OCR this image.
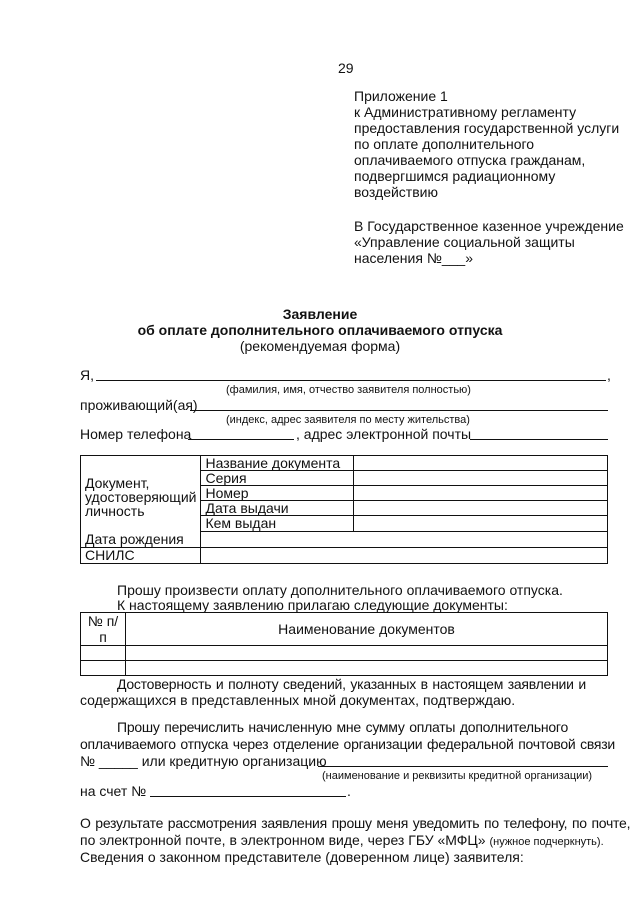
29
Приложение 1
к Административному регламенту
предоставления государственной услуги
по оплате дополнительного
оплачиваемого отпуска гражданам,
подвергшимся радиационному
воздействию
В Государственное казенное учреждение
«Управление социальной защиты
населения №___»
Заявление
об оплате дополнительного оплачиваемого отпуска
(рекомендуемая форма)
Я,	,
(фамилия, имя, отчество заявителя полностью)
проживающий(ая)
(индекс, адрес заявителя по месту жительства)
Номер телефона	, адрес электронной почты
Документ, удостоверяющий личность	Название документа	
	Серия	
	Номер	
	Дата выдачи	
	Кем выдан	
Дата рождения		
СНИЛС		
Прошу произвести оплату дополнительного оплачиваемого отпуска.
К настоящему заявлению прилагаю следующие документы:
№ п/п	Наименование документов

Достоверность и полноту сведений, указанных в настоящем заявлении и
содержащихся в представленных мной документах, подтверждаю.
Прошу перечислить начисленную мне сумму оплаты дополнительного
оплачиваемого отпуска через отделение организации федеральной почтовой связи
№ _____ или кредитную организацию
(наименование и реквизиты кредитной организации)
на счет №	.
О результате рассмотрения заявления прошу меня уведомить по телефону, по почте,
по электронной почте, в электронном виде, через ГБУ «МФЦ» (нужное подчеркнуть).
Сведения о законном представителе (доверенном лице) заявителя:
